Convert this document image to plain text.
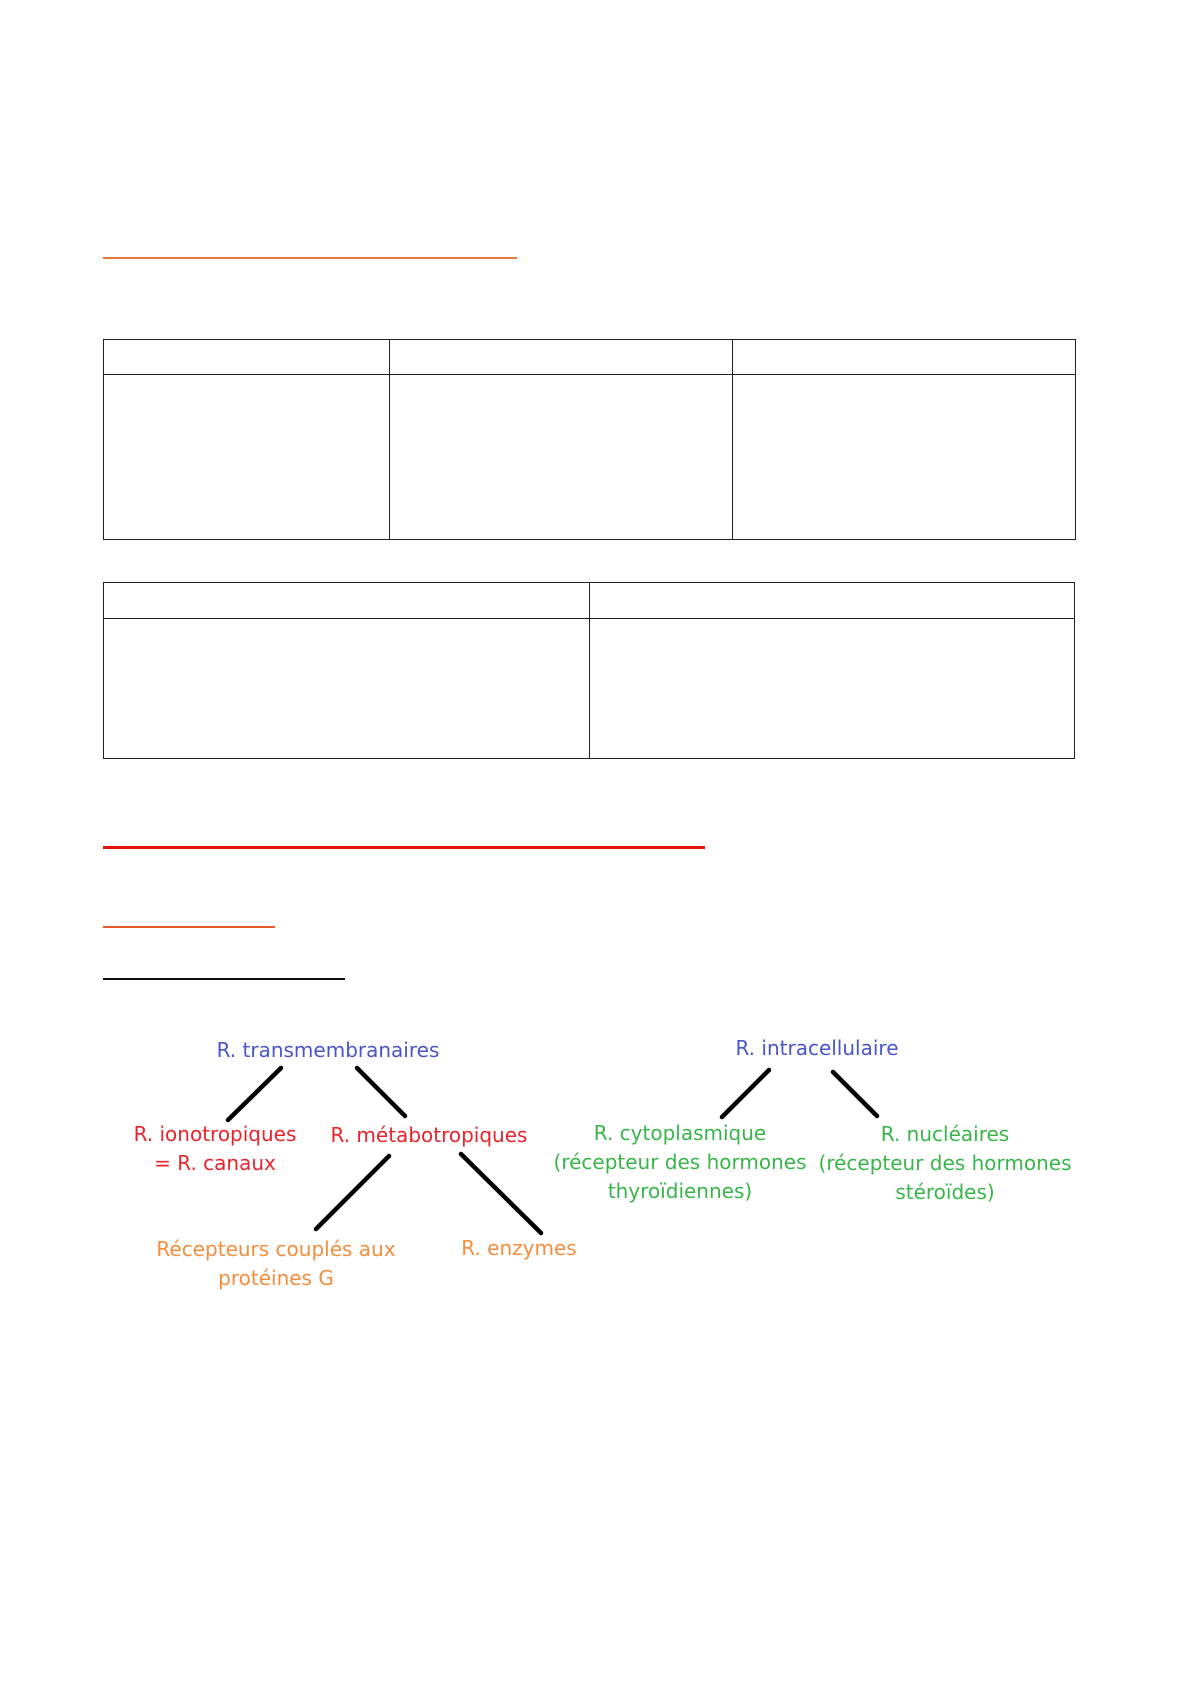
R. transmembranaires
R. ionotropiques
= R. canaux
R. métabotropiques
Récepteurs couplés aux
protéines G
R. enzymes
R. intracellulaire
R. cytoplasmique
(récepteur des hormones
thyroïdiennes)
R. nucléaires
(récepteur des hormones
stéroïdes)
